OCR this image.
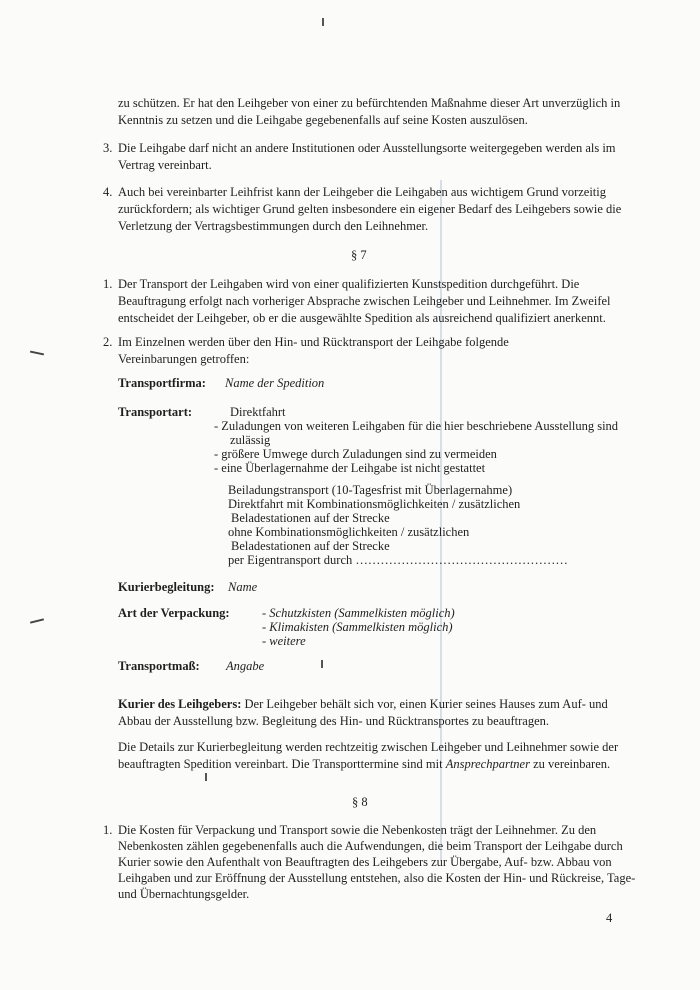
zu schützen. Er hat den Leihgeber von einer zu befürchtenden Maßnahme dieser Art unverzüglich in
Kenntnis zu setzen und die Leihgabe gegebenenfalls auf seine Kosten auszulösen.
3. Die Leihgabe darf nicht an andere Institutionen oder Ausstellungsorte weitergegeben werden als im
Vertrag vereinbart.
4. Auch bei vereinbarter Leihfrist kann der Leihgeber die Leihgaben aus wichtigem Grund vorzeitig
zurückfordern; als wichtiger Grund gelten insbesondere ein eigener Bedarf des Leihgebers sowie die
Verletzung der Vertragsbestimmungen durch den Leihnehmer.
§ 7
1. Der Transport der Leihgaben wird von einer qualifizierten Kunstspedition durchgeführt. Die
Beauftragung erfolgt nach vorheriger Absprache zwischen Leihgeber und Leihnehmer. Im Zweifel
entscheidet der Leihgeber, ob er die ausgewählte Spedition als ausreichend qualifiziert anerkennt.
2. Im Einzelnen werden über den Hin- und Rücktransport der Leihgabe folgende
Vereinbarungen getroffen:
Transportfirma: Name der Spedition
Transportart:	Direktfahrt
- Zuladungen von weiteren Leihgaben für die hier beschriebene Ausstellung sind
zulässig
- größere Umwege durch Zuladungen sind zu vermeiden
- eine Überlagernahme der Leihgabe ist nicht gestattet
Beiladungstransport (10-Tagesfrist mit Überlagernahme)
Direktfahrt mit Kombinationsmöglichkeiten / zusätzlichen
Beladestationen auf der Strecke
ohne Kombinationsmöglichkeiten / zusätzlichen
Beladestationen auf der Strecke
per Eigentransport durch ……………………………………………
Kurierbegleitung: Name
Art der Verpackung:	- Schutzkisten (Sammelkisten möglich)
- Klimakisten (Sammelkisten möglich)
- weitere
Transportmaß: Angabe
Kurier des Leihgebers: Der Leihgeber behält sich vor, einen Kurier seines Hauses zum Auf- und
Abbau der Ausstellung bzw. Begleitung des Hin- und Rücktransportes zu beauftragen.
Die Details zur Kurierbegleitung werden rechtzeitig zwischen Leihgeber und Leihnehmer sowie der
beauftragten Spedition vereinbart. Die Transporttermine sind mit Ansprechpartner zu vereinbaren.
§ 8
1. Die Kosten für Verpackung und Transport sowie die Nebenkosten trägt der Leihnehmer. Zu den
Nebenkosten zählen gegebenenfalls auch die Aufwendungen, die beim Transport der Leihgabe durch
Kurier sowie den Aufenthalt von Beauftragten des Leihgebers zur Übergabe, Auf- bzw. Abbau von
Leihgaben und zur Eröffnung der Ausstellung entstehen, also die Kosten der Hin- und Rückreise, Tage-
und Übernachtungsgelder.
4
